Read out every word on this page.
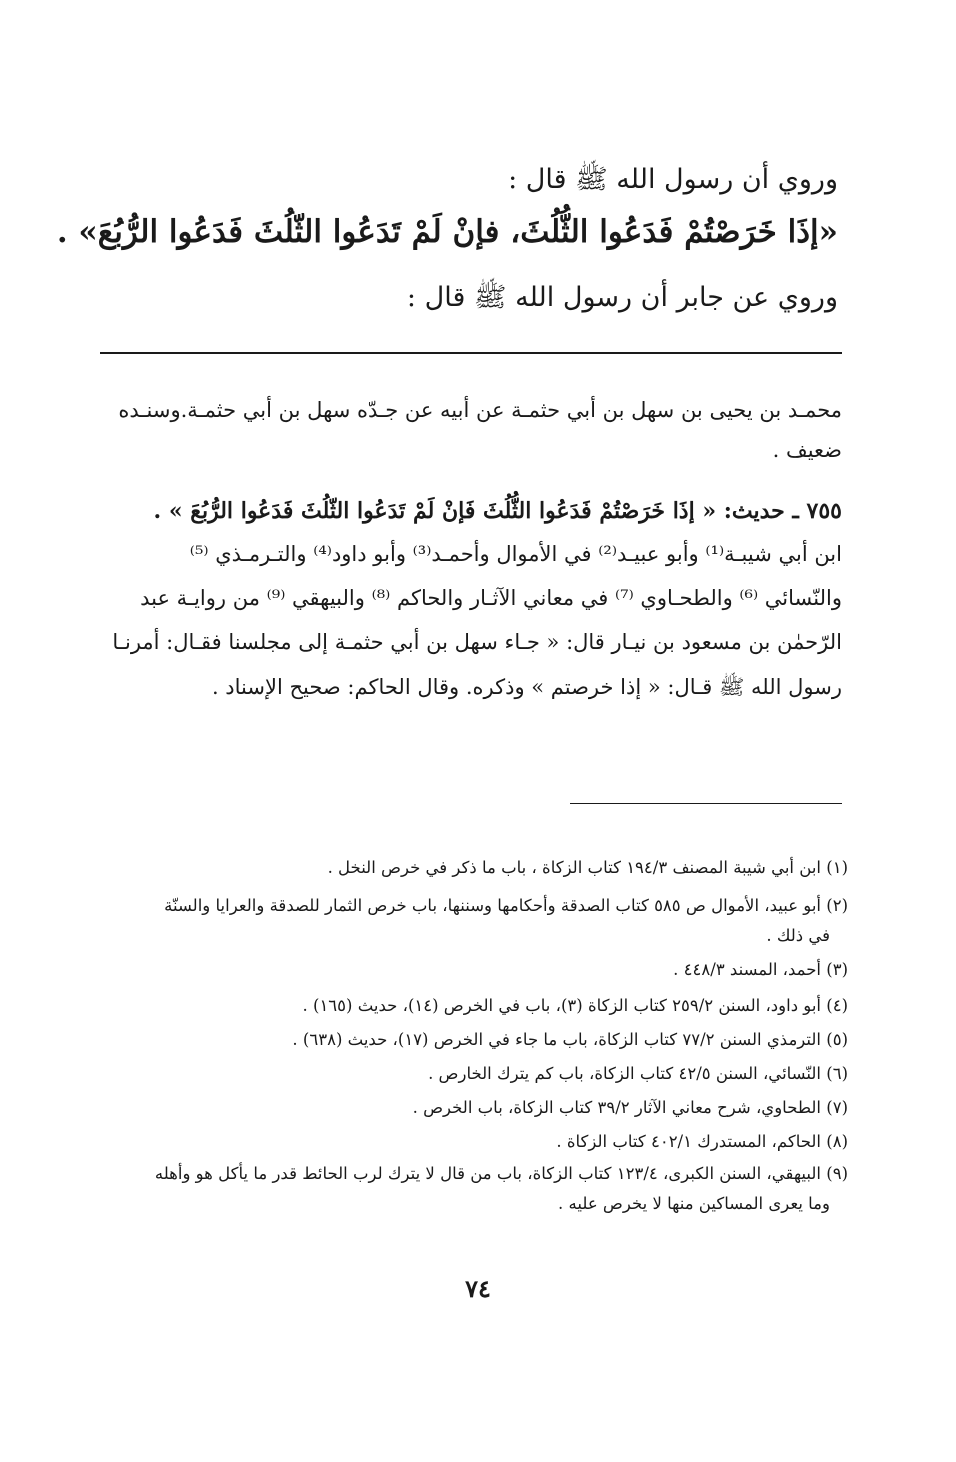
وروي أن رسول الله ﷺ قال :

«إذَا خَرَصْتُمْ فَدَعُوا الثُّلُثَ، فإنْ لَمْ تَدَعُوا الثّلُثَ فَدَعُوا الرُّبُعَ» .

وروي عن جابر أن رسول الله ﷺ قال :

محمـد بن يحيى بن سهل بن أبي حثمـة عن أبيه عن جـدّه سهل بن أبي حثمـة.وسنـده

ضعيف .

٧٥٥ ـ حديث: « إذَا خَرَصْتُمْ فَدَعُوا الثُّلُثَ فَإنْ لَمْ تَدَعُوا الثّلُثَ فَدَعُوا الرُّبُعَ » .

ابن أبي شيبـة⁽¹⁾ وأبو عبيـد⁽²⁾ في الأموال وأحمـد⁽³⁾ وأبو داود⁽⁴⁾ والتـرمـذي ⁽⁵⁾

والنّسائي ⁽⁶⁾ والطحـاوي ⁽⁷⁾ في معاني الآثـار والحاكم ⁽⁸⁾ والبيهقي ⁽⁹⁾ من روايـة عبد

الرّحمٰن بن مسعود بن نيـار قال: « جـاء سهل بن أبي حثمـة إلى مجلسنا فقـال: أمرنـا

رسول الله ﷺ قـال: « إذا خرصتم » وذكره. وقال الحاكم: صحيح الإسناد .

(١) ابن أبي شيبة المصنف ١٩٤/٣ كتاب الزكاة ، باب ما ذكر في خرص النخل .

(٢) أبو عبيد، الأموال ص ٥٨٥ كتاب الصدقة وأحكامها وسننها، باب خرص الثمار للصدقة والعرايا والسنّة

في ذلك .

(٣) أحمد، المسند ٤٤٨/٣ .

(٤) أبو داود، السنن ٢٥٩/٢ كتاب الزكاة (٣)، باب في الخرص (١٤)، حديث (١٦٥) .

(٥) الترمذي السنن ٧٧/٢ كتاب الزكاة، باب ما جاء في الخرص (١٧)، حديث (٦٣٨) .

(٦) النّسائي، السنن ٤٢/٥ كتاب الزكاة، باب كم يترك الخارص .

(٧) الطحاوي، شرح معاني الآثار ٣٩/٢ كتاب الزكاة، باب الخرص .

(٨) الحاكم، المستدرك ٤٠٢/١ كتاب الزكاة .

(٩) البيهقي، السنن الكبرى، ١٢٣/٤ كتاب الزكاة، باب من قال لا يترك لرب الحائط قدر ما يأكل هو وأهله

وما يعرى المساكين منها لا يخرص عليه .

٧٤
